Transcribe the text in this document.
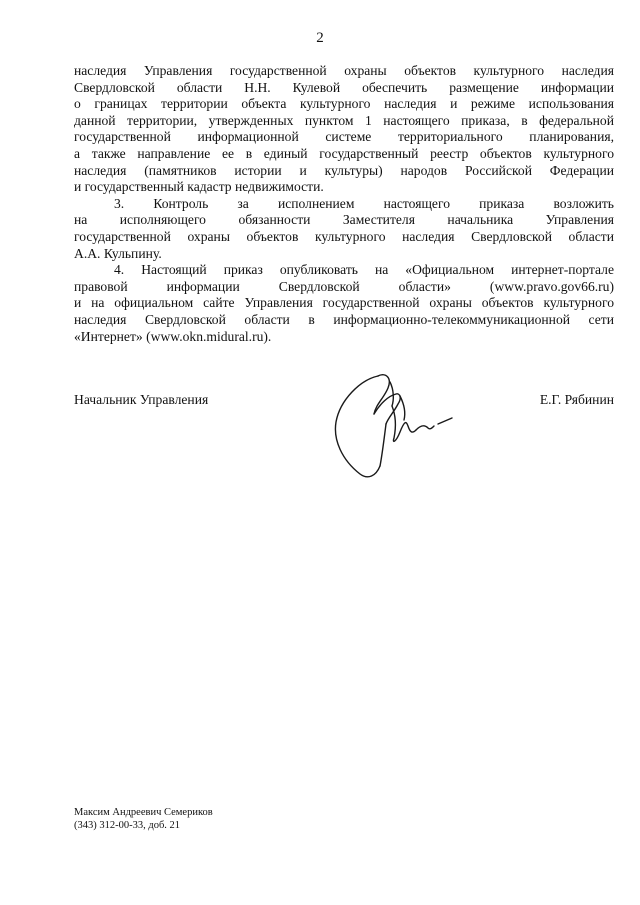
2
наследия Управления государственной охраны объектов культурного наследия
Свердловской области Н.Н. Кулевой обеспечить размещение информации
о границах территории объекта культурного наследия и режиме использования
данной территории, утвержденных пунктом 1 настоящего приказа, в федеральной
государственной информационной системе территориального планирования,
а также направление ее в единый государственный реестр объектов культурного
наследия (памятников истории и культуры) народов Российской Федерации
и государственный кадастр недвижимости.
3. Контроль за исполнением настоящего приказа возложить
на исполняющего обязанности Заместителя начальника Управления
государственной охраны объектов культурного наследия Свердловской области
А.А. Кульпину.
4. Настоящий приказ опубликовать на «Официальном интернет-портале
правовой информации Свердловской области» (www.pravo.gov66.ru)
и на официальном сайте Управления государственной охраны объектов культурного
наследия Свердловской области в информационно-телекоммуникационной сети
«Интернет» (www.okn.midural.ru).
Начальник Управления	Е.Г. Рябинин
Максим Андреевич Семериков
(343) 312-00-33, доб. 21
